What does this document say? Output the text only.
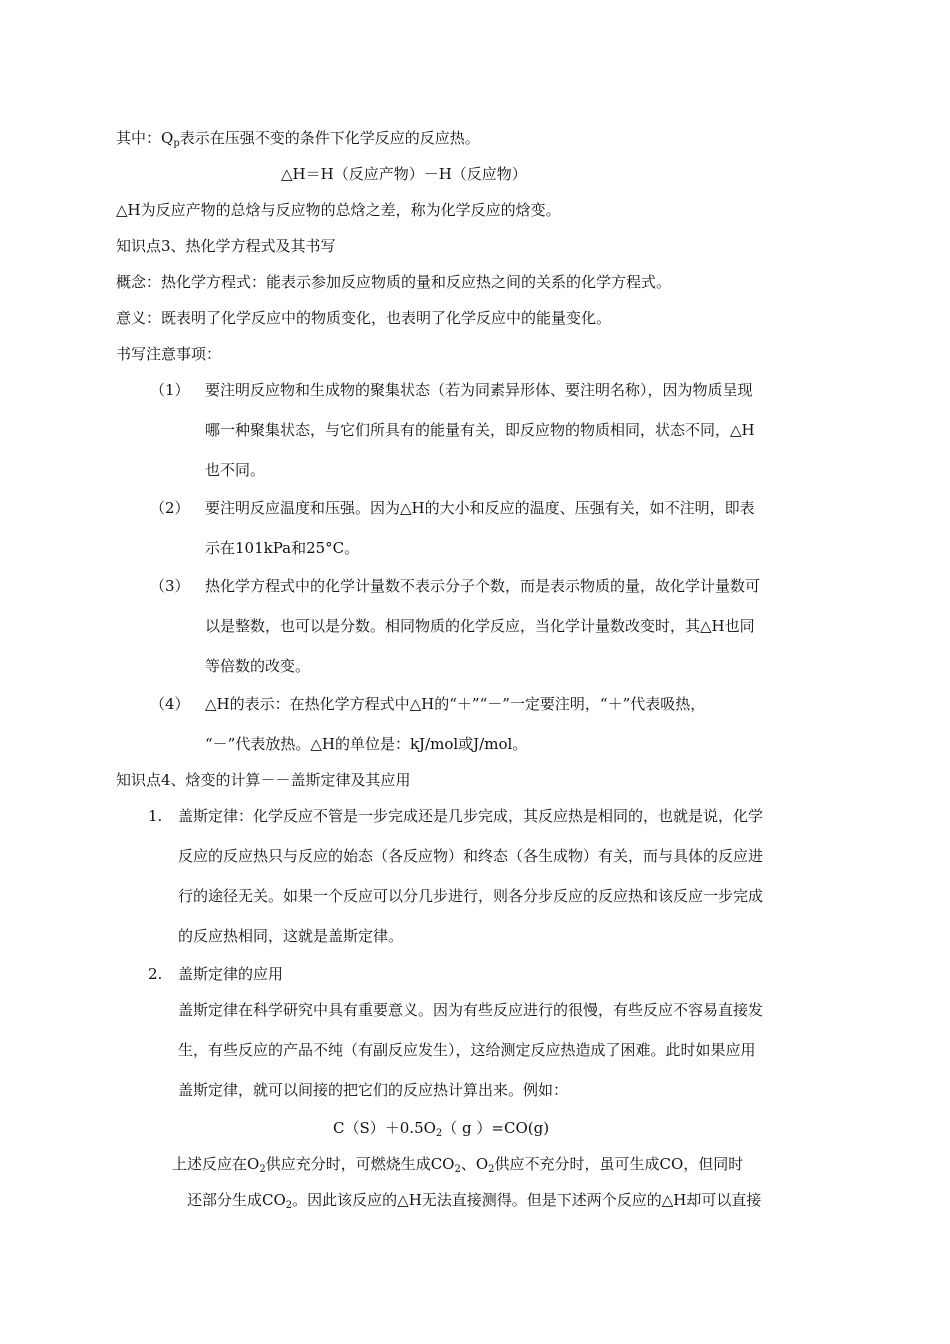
其中：$Q_p$表示在压强不变的条件下化学反应的反应热。
△H＝H（反应产物）－H（反应物）
△H为反应产物的总焓与反应物的总焓之差，称为化学反应的焓变。
知识点3、热化学方程式及其书写
概念：热化学方程式：能表示参加反应物质的量和反应热之间的关系的化学方程式。
意义：既表明了化学反应中的物质变化，也表明了化学反应中的能量变化。
书写注意事项：
（1） 要注明反应物和生成物的聚集状态（若为同素异形体、要注明名称），因为物质呈现
哪一种聚集状态，与它们所具有的能量有关，即反应物的物质相同，状态不同，△H
也不同。
（2） 要注明反应温度和压强。因为△H的大小和反应的温度、压强有关，如不注明，即表
示在101kPa和25°C。
（3） 热化学方程式中的化学计量数不表示分子个数，而是表示物质的量，故化学计量数可
以是整数，也可以是分数。相同物质的化学反应，当化学计量数改变时，其△H也同
等倍数的改变。
（4） △H的表示：在热化学方程式中△H的“＋”“－”一定要注明，“＋”代表吸热，
“－”代表放热。△H的单位是：kJ/mol或J/mol。
知识点4、焓变的计算－－盖斯定律及其应用
1. 盖斯定律：化学反应不管是一步完成还是几步完成，其反应热是相同的，也就是说，化学
反应的反应热只与反应的始态（各反应物）和终态（各生成物）有关，而与具体的反应进
行的途径无关。如果一个反应可以分几步进行，则各分步反应的反应热和该反应一步完成
的反应热相同，这就是盖斯定律。
2. 盖斯定律的应用
盖斯定律在科学研究中具有重要意义。因为有些反应进行的很慢，有些反应不容易直接发
生，有些反应的产品不纯（有副反应发生），这给测定反应热造成了困难。此时如果应用
盖斯定律，就可以间接的把它们的反应热计算出来。例如：
$C(S)+0.5O_2$（ g ）=CO(g)
上述反应在$O_2$供应充分时，可燃烧生成$CO_2$、$O_2$供应不充分时，虽可生成CO，但同时
还部分生成$CO_2$。因此该反应的△H无法直接测得。但是下述两个反应的△H却可以直接
